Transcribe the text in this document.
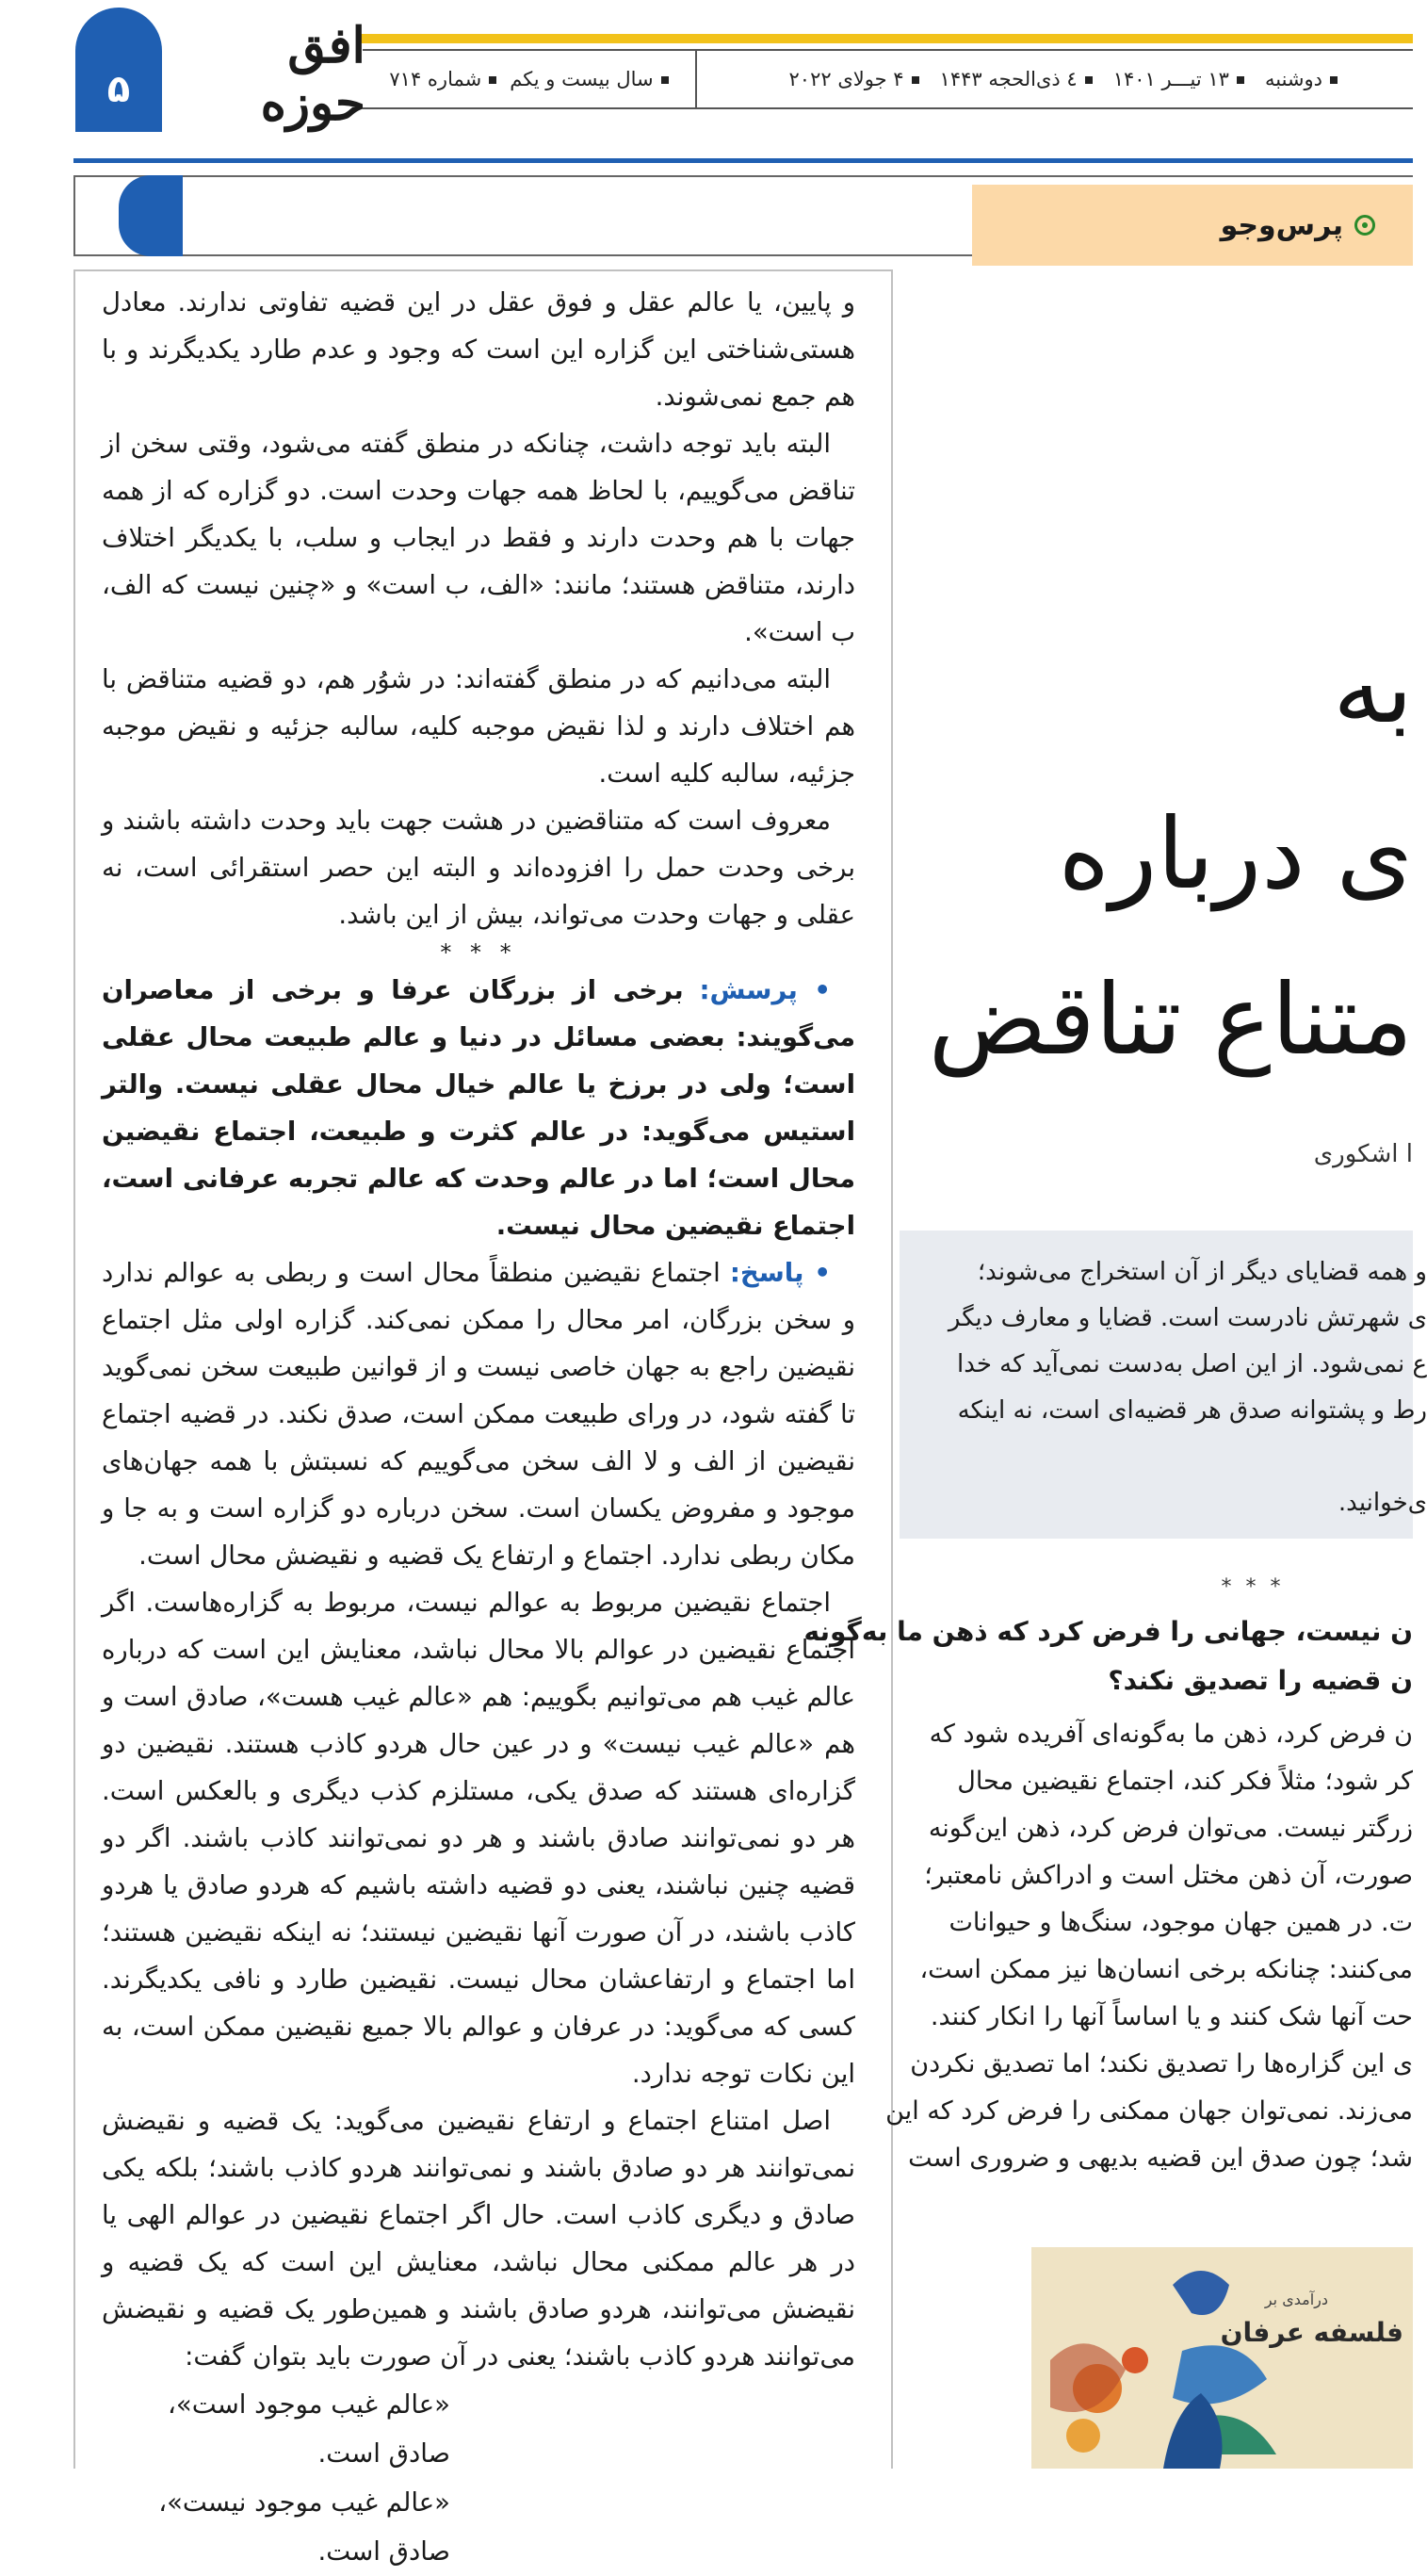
۵
افق حوزه	سال بیست و یکم
شماره ۷۱۴	دوشنبه
۱۳ تیـــر ۱۴۰۱
٤ ذی‌الحجه ۱۴۴۳
۴ جولای ۲۰۲۲
پرس‌وجو

و پایین، یا عالم عقل و فوق عقل در این قضیه تفاوتی ندارند. معادل هستی‌شناختی این گزاره این است که وجود و عدم طارد یکدیگرند و با هم جمع نمی‌شوند.

البته باید توجه داشت، چنانکه در منطق گفته می‌شود، وقتی سخن از تناقض می‌گوییم، با لحاظ همه جهات وحدت است. دو گزاره که از همه جهات با هم وحدت دارند و فقط در ایجاب و سلب، با یکدیگر اختلاف دارند، متناقض هستند؛ مانند: «الف، ب است» و «چنین نیست که الف، ب است».

البته می‌دانیم که در منطق گفته‌اند: در شوُر هم، دو قضیه متناقض با هم اختلاف دارند و لذا نقیض موجبه کلیه، سالبه جزئیه و نقیض موجبه جزئیه، سالبه کلیه است.

معروف است که متناقضین در هشت جهت باید وحدت داشته باشند و برخی وحدت حمل را افزوده‌اند و البته این حصر استقرائی است، نه عقلی و جهات وحدت می‌تواند، بیش از این باشد.

* * *

• پرسش: برخی از بزرگان عرفا و برخی از معاصران می‌گویند: بعضی مسائل در دنیا و عالم طبیعت محال عقلی است؛ ولی در برزخ یا عالم خیال محال عقلی نیست. والتر استیس می‌گوید: در عالم کثرت و طبیعت، اجتماع نقیضین محال است؛ اما در عالم وحدت که عالم تجربه عرفانی است، اجتماع نقیضین محال نیست.

• پاسخ: اجتماع نقیضین منطقاً محال است و ربطی به عوالم ندارد و سخن بزرگان، امر محال را ممکن نمی‌کند. گزاره اولی مثل اجتماع نقیضین راجع به جهان خاصی نیست و از قوانین طبیعت سخن نمی‌گوید تا گفته شود، در ورای طبیعت ممکن است، صدق نکند. در قضیه اجتماع نقیضین از الف و لا الف سخن می‌گوییم که نسبتش با همه جهان‌های موجود و مفروض یکسان است. سخن درباره دو گزاره است و به جا و مکان ربطی ندارد. اجتماع و ارتفاع یک قضیه و نقیضش محال است.

اجتماع نقیضین مربوط به عوالم نیست، مربوط به گزاره‌هاست. اگر اجتماع نقیضین در عوالم بالا محال نباشد، معنایش این است که درباره عالم غیب هم می‌توانیم بگوییم: هم «عالم غیب هست»، صادق است و هم «عالم غیب نیست» و در عین حال هردو کاذب هستند. نقیضین دو گزاره‌ای هستند که صدق یکی، مستلزم کذب دیگری و بالعکس است. هر دو نمی‌توانند صادق باشند و هر دو نمی‌توانند کاذب باشند. اگر دو قضیه چنین نباشند، یعنی دو قضیه داشته باشیم که هردو صادق یا هردو کاذب باشند، در آن صورت آنها نقیضین نیستند؛ نه اینکه نقیضین هستند؛ اما اجتماع و ارتفاعشان محال نیست. نقیضین طارد و نافی یکدیگرند. کسی که می‌گوید: در عرفان و عوالم بالا جمیع نقیضین ممکن است، به این نکات توجه ندارد.

اصل امتناع اجتماع و ارتفاع نقیضین می‌گوید: یک قضیه و نقیضش نمی‌توانند هر دو صادق باشند و نمی‌توانند هردو کاذب باشند؛ بلکه یکی صادق و دیگری کاذب است. حال اگر اجتماع نقیضین در عوالم الهی یا در هر عالم ممکنی محال نباشد، معنایش این است که یک قضیه و نقیضش می‌توانند، هردو صادق باشند و همین‌طور یک قضیه و نقیضش می‌توانند هردو کاذب باشند؛ یعنی در آن صورت باید بتوان گفت:

«عالم غیب موجود است»، صادق است.

«عالم غیب موجود نیست»، صادق است.

به
ی درباره
متناع تناقض
ا اشکوری
و همه قضایای دیگر از آن استخراج می‌شوند؛
ی شهرتش نادرست است. قضایا و معارف دیگر
ع نمی‌شود. از این اصل به‌دست نمی‌آید که خدا
رط و پشتوانه صدق هر قضیه‌ای است، نه اینکه
ی‌خوانید.
* * *
ن نیست، جهانی را فرض کرد که ذهن ما به‌گونه
ن قضیه را تصدیق نکند؟
ن فرض کرد، ذهن ما به‌گونه‌ای آفریده شود که
کر شود؛ مثلاً فکر کند، اجتماع نقیضین محال
زرگتر نیست. می‌توان فرض کرد، ذهن این‌گونه
صورت، آن ذهن مختل است و ادراکش نامعتبر؛
ت. در همین جهان موجود، سنگ‌ها و حیوانات
می‌کنند: چنانکه برخی انسان‌ها نیز ممکن است،
حت آنها شک کنند و یا اساساً آنها را انکار کنند.
ی این گزاره‌ها را تصدیق نکند؛ اما تصدیق نکردن
می‌زند. نمی‌توان جهان ممکنی را فرض کرد که این
شد؛ چون صدق این قضیه بدیهی و ضروری است
درآمدی بر
فلسفه عرفان
